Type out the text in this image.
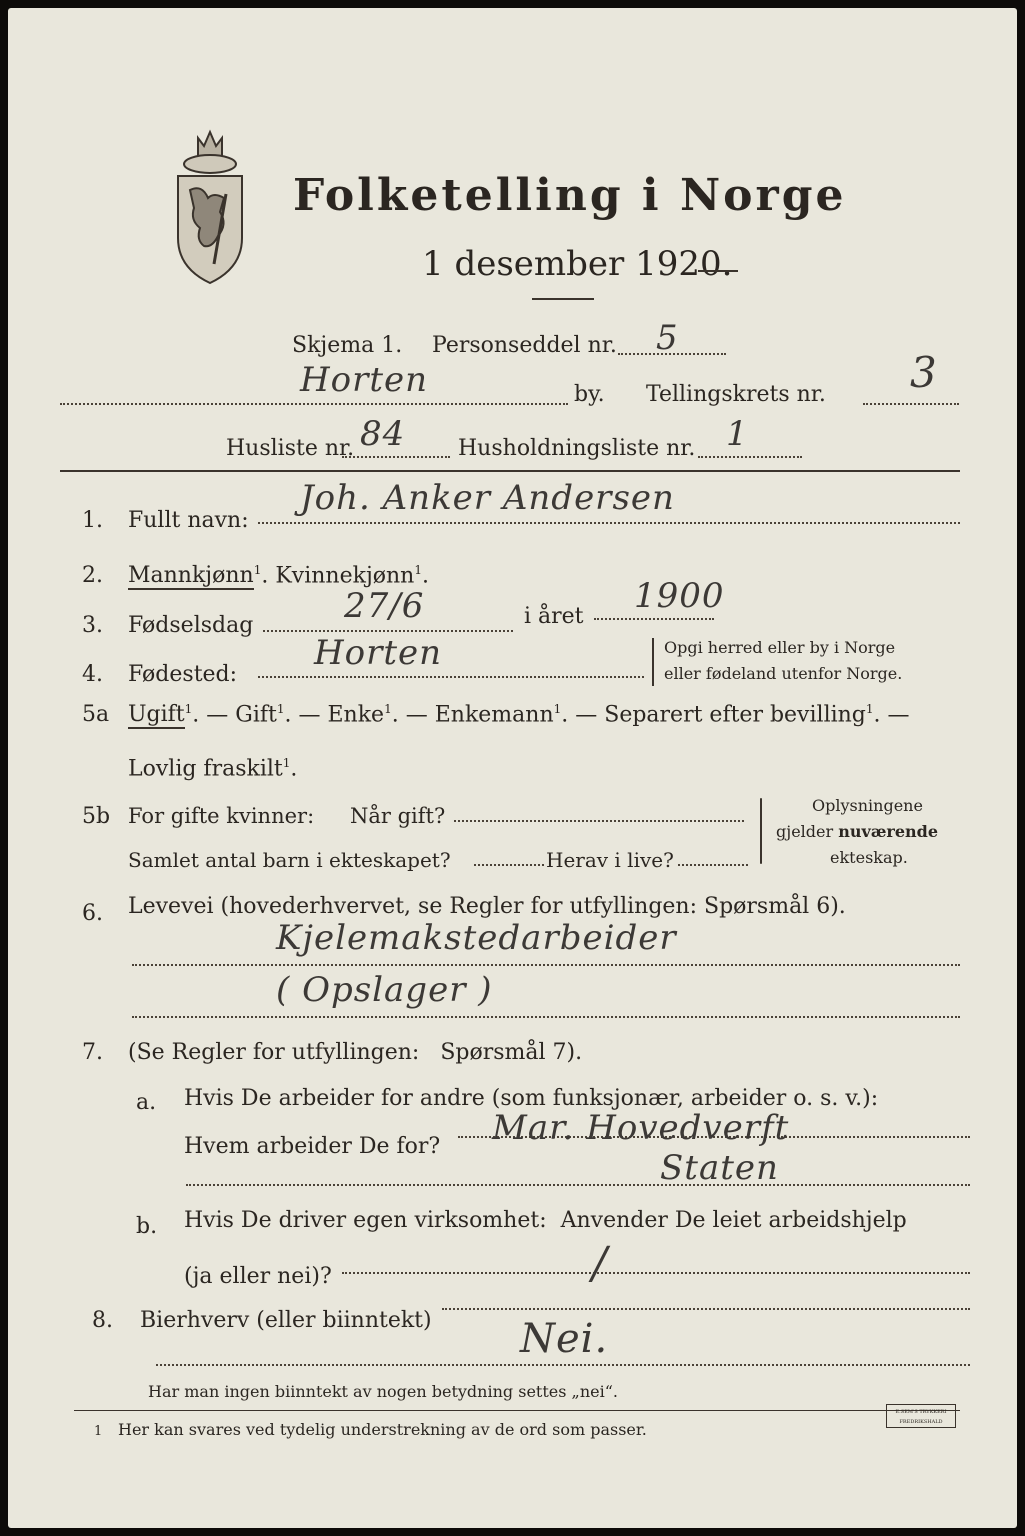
Folketelling i Norge
1 desember 1920.
Skjema 1. Personseddel nr. 5
Horten	by. Tellingskrets nr. 3
Husliste nr. 84 Husholdningsliste nr. 1
1. Fullt navn:
Joh. Anker Andersen
2. Mannkjønn$^1$. Kvinnekjønn$^1$.
3. Fødselsdag	27/6	i året
1900
4. Fødested:
Horten	Opgi herred eller by i Norge
eller fødeland utenfor Norge.
5a Ugift$^1$. — Gift$^1$. — Enke$^1$. — Enkemann$^1$. — Separert efter bevilling$^1$. —
Lovlig fraskilt$^1$.
5b For gifte kvinner: Når gift?
Samlet antal barn i ekteskapet?	Herav i live?
Oplysningene
gjelder nuværende
ekteskap.
6. Levevei (hovederhvervet, se Regler for utfyllingen: Spørsmål 6).
Kjelemakstedarbeider
( Opslager )
7. (Se Regler for utfyllingen:   Spørsmål 7).
a. Hvis De arbeider for andre (som funksjonær, arbeider o. s. v.):
Hvem arbeider De for? Mar. Hovedverft
Staten
b. Hvis De driver egen virksomhet:  Anvender De leiet arbeidshjelp
(ja eller nei)?	/
8. Bierhverv (eller biinntekt) Nei.
Har man ingen biinntekt av nogen betydning settes „nei“.
1 Her kan svares ved tydelig understrekning av de ord som passer.
E.SEM'S TRYKKERI FREDRIKSHALD
